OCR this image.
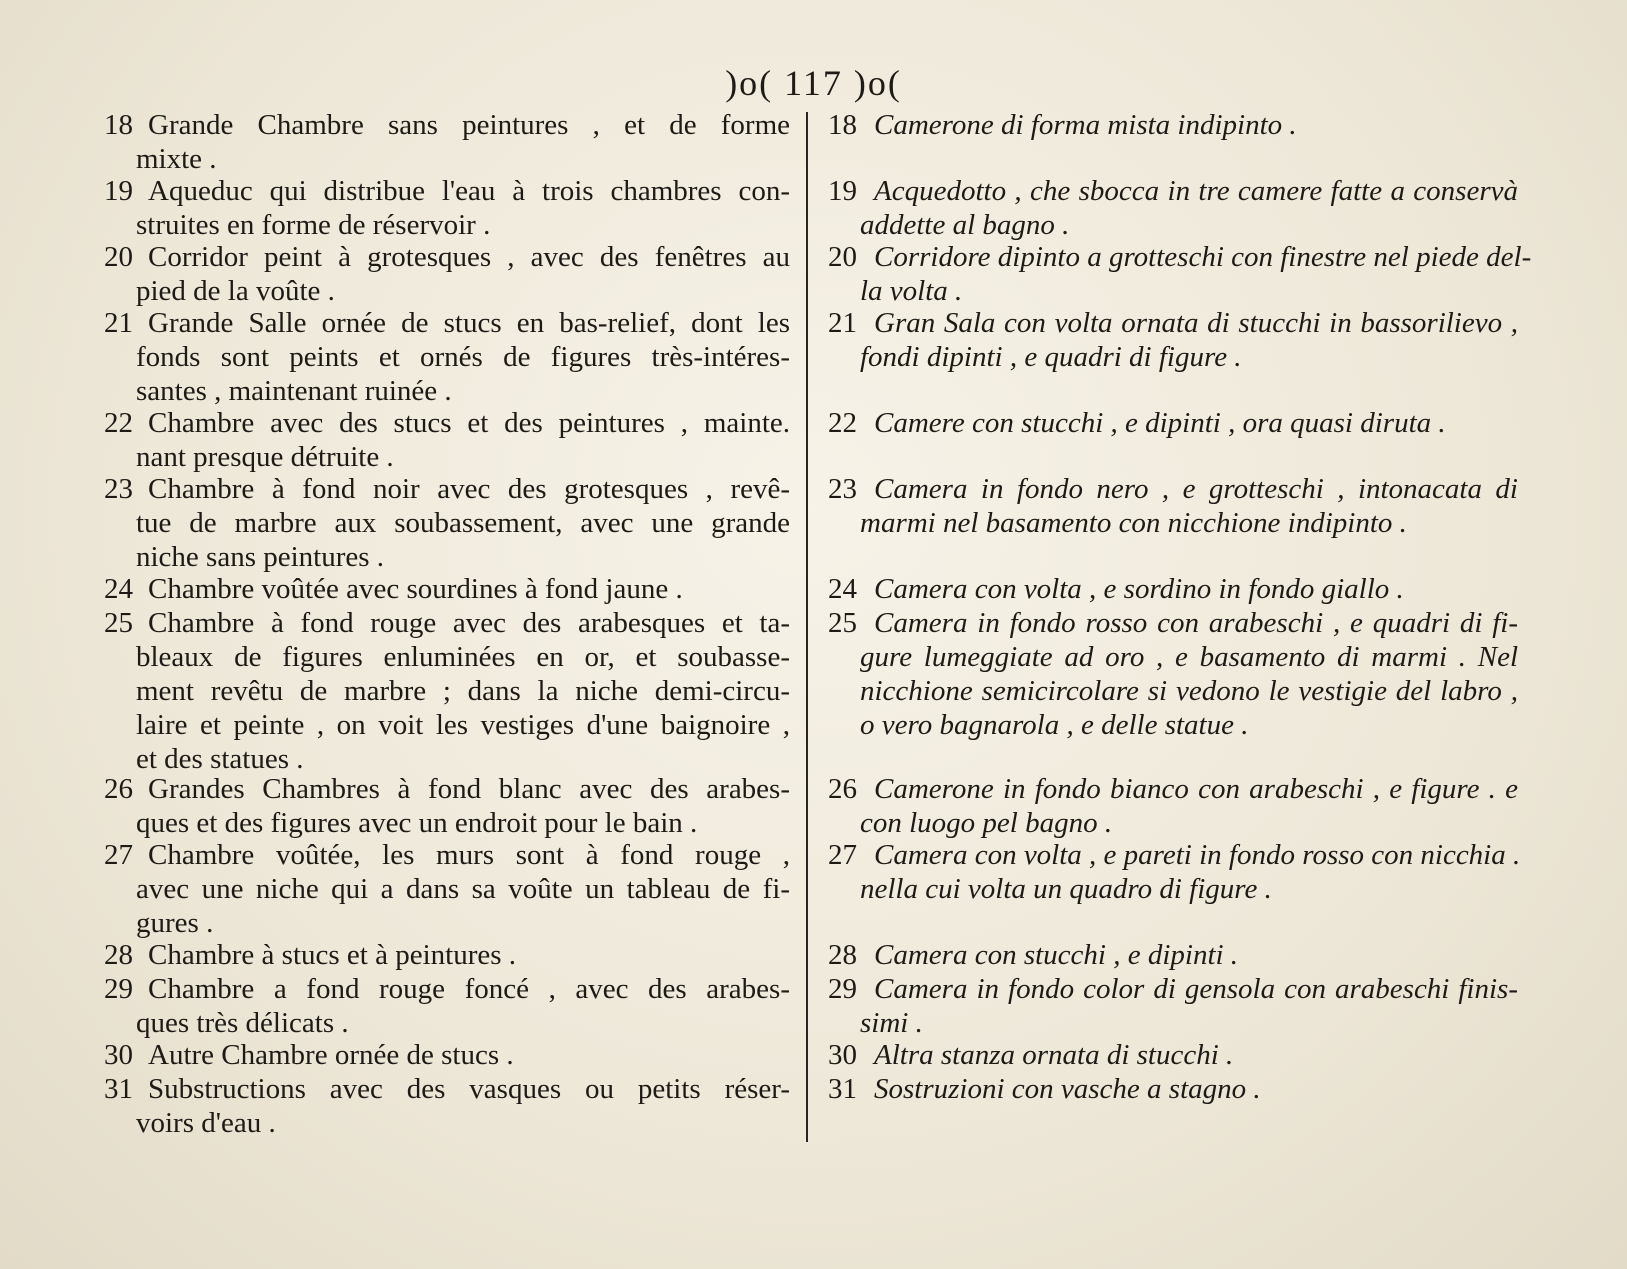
)o( 117 )o(
18 Grande Chambre sans peintures , et de forme
mixte .
19 Aqueduc qui distribue l'eau à trois chambres con-
struites en forme de réservoir .
20 Corridor peint à grotesques , avec des fenêtres au
pied de la voûte .
21 Grande Salle ornée de stucs en bas-relief, dont les
fonds sont peints et ornés de figures très-intéres-
santes , maintenant ruinée .
22 Chambre avec des stucs et des peintures , mainte.
nant presque détruite .
23 Chambre à fond noir avec des grotesques , revê-
tue de marbre aux soubassement, avec une grande
niche sans peintures .
24 Chambre voûtée avec sourdines à fond jaune .
25 Chambre à fond rouge avec des arabesques et ta-
bleaux de figures enluminées en or, et soubasse-
ment revêtu de marbre ; dans la niche demi-circu-
laire et peinte , on voit les vestiges d'une baignoire ,
et des statues .
26 Grandes Chambres à fond blanc avec des arabes-
ques et des figures avec un endroit pour le bain .
27 Chambre voûtée, les murs sont à fond rouge ,
avec une niche qui a dans sa voûte un tableau de fi-
gures .
28 Chambre à stucs et à peintures .
29 Chambre a fond rouge foncé , avec des arabes-
ques très délicats .
30 Autre Chambre ornée de stucs .
31 Substructions avec des vasques ou petits réser-
voirs d'eau .
18 Camerone di forma mista indipinto .
19 Acquedotto , che sbocca in tre camere fatte a conservà
addette al bagno .
20 Corridore dipinto a grotteschi con finestre nel piede del-
la volta .
21 Gran Sala con volta ornata di stucchi in bassorilievo ,
fondi dipinti , e quadri di figure .
22 Camere con stucchi , e dipinti , ora quasi diruta .
23 Camera in fondo nero , e grotteschi , intonacata di
marmi nel basamento con nicchione indipinto .
24 Camera con volta , e sordino in fondo giallo .
25 Camera in fondo rosso con arabeschi , e quadri di fi-
gure lumeggiate ad oro , e basamento di marmi . Nel
nicchione semicircolare si vedono le vestigie del labro ,
o vero bagnarola , e delle statue .
26 Camerone in fondo bianco con arabeschi , e figure . e
con luogo pel bagno .
27 Camera con volta , e pareti in fondo rosso con nicchia .
nella cui volta un quadro di figure .
28 Camera con stucchi , e dipinti .
29 Camera in fondo color di gensola con arabeschi finis-
simi .
30 Altra stanza ornata di stucchi .
31 Sostruzioni con vasche a stagno .
